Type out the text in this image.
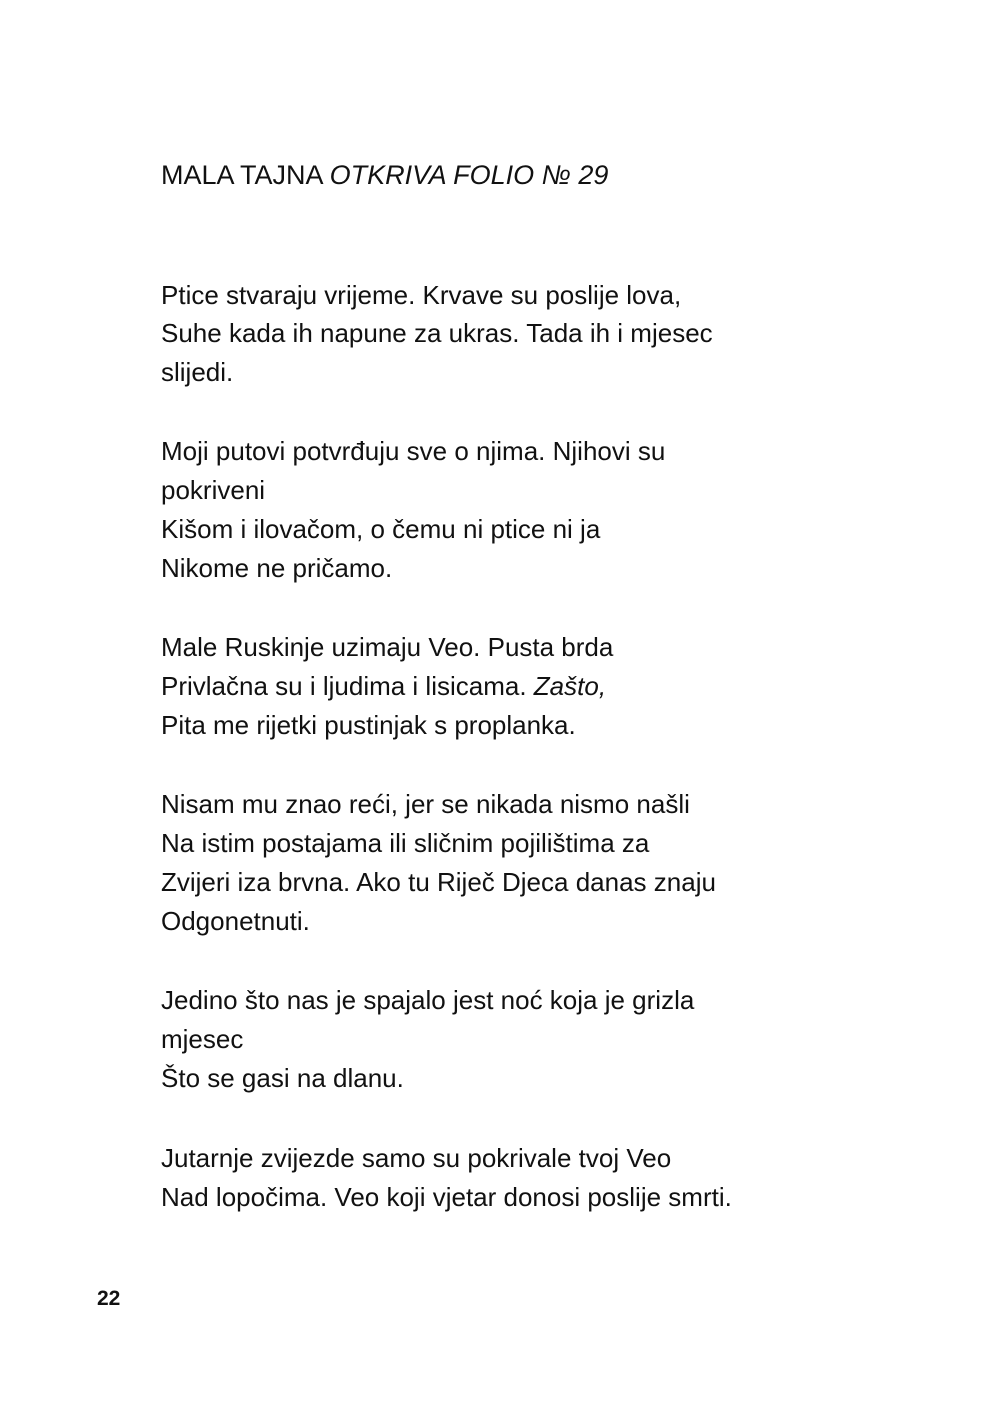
MALA TAJNA OTKRIVA FOLIO № 29
Ptice stvaraju vrijeme. Krvave su poslije lova,
Suhe kada ih napune za ukras. Tada ih i mjesec
slijedi.
Moji putovi potvrđuju sve o njima. Njihovi su
pokriveni
Kišom i ilovačom, o čemu ni ptice ni ja
Nikome ne pričamo.
Male Ruskinje uzimaju Veo. Pusta brda
Privlačna su i ljudima i lisicama. Zašto,
Pita me rijetki pustinjak s proplanka.
Nisam mu znao reći, jer se nikada nismo našli
Na istim postajama ili sličnim pojilištima za
Zvijeri iza brvna. Ako tu Riječ Djeca danas znaju
Odgonetnuti.
Jedino što nas je spajalo jest noć koja je grizla
mjesec
Što se gasi na dlanu.
Jutarnje zvijezde samo su pokrivale tvoj Veo
Nad lopočima. Veo koji vjetar donosi poslije smrti.
22
